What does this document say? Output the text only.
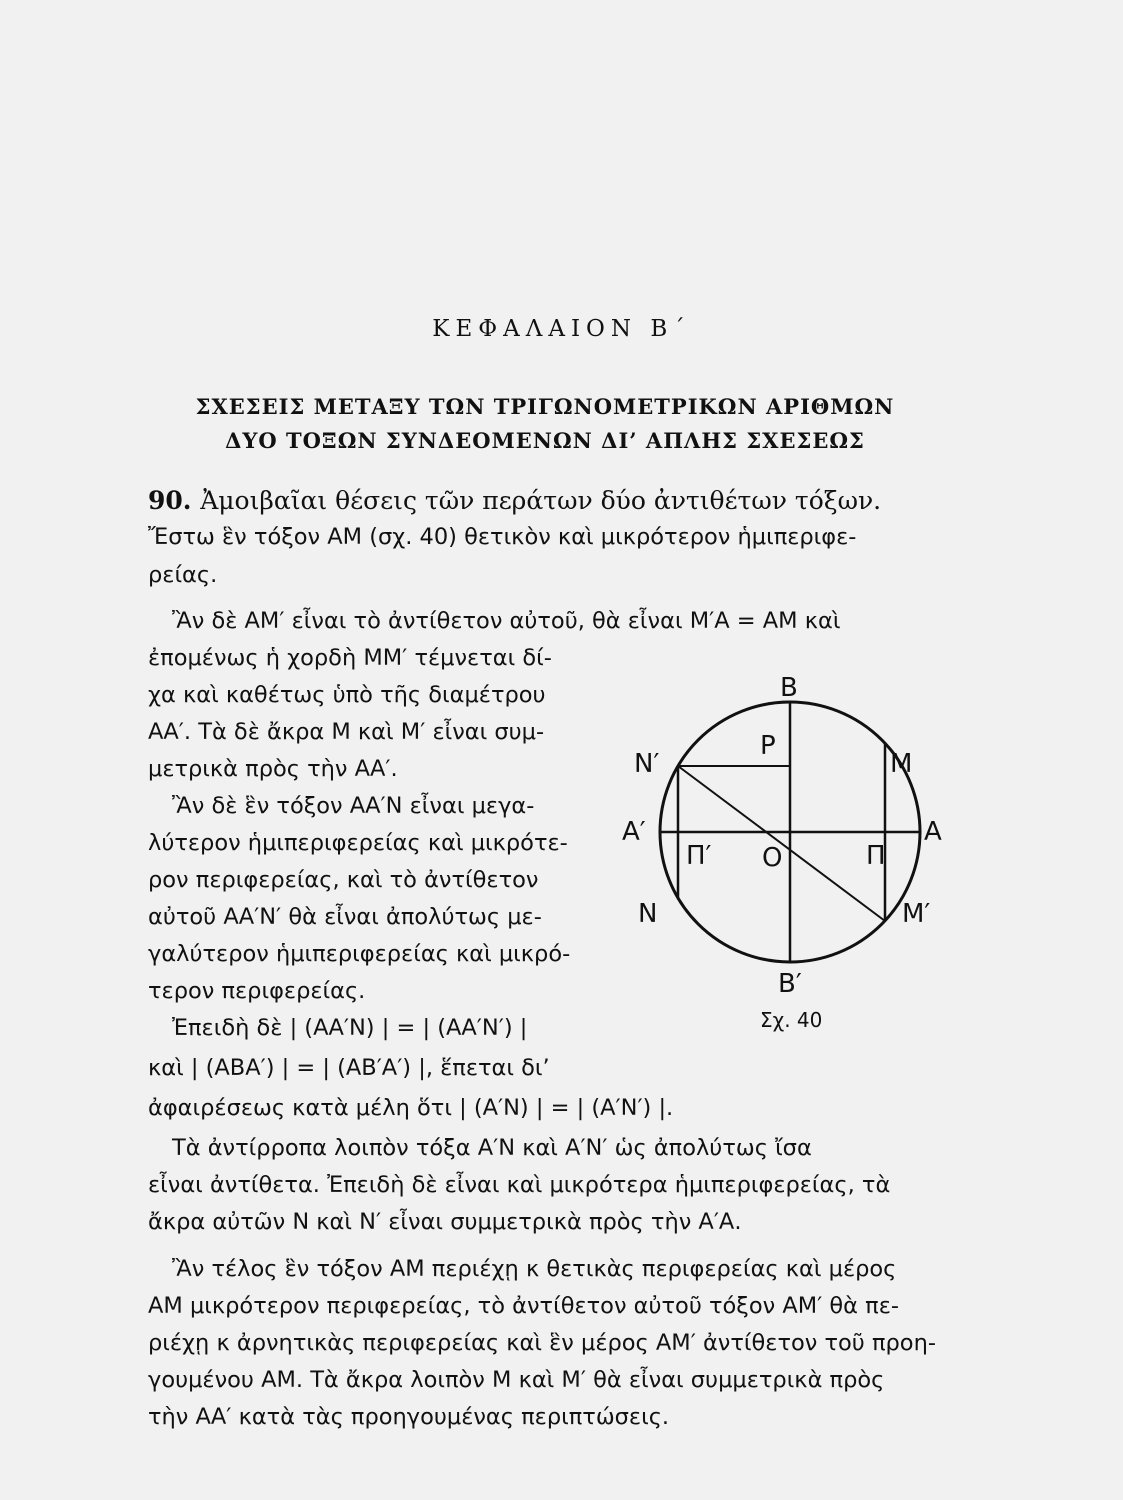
ΚΕΦΑΛΑΙΟΝ Β΄
ΣΧΕΣΕΙΣ ΜΕΤΑΞΥ ΤΩΝ ΤΡΙΓΩΝΟΜΕΤΡΙΚΩΝ ΑΡΙΘΜΩΝ
ΔΥΟ ΤΟΞΩΝ ΣΥΝΔΕΟΜΕΝΩΝ ΔΙ’ ΑΠΛΗΣ ΣΧΕΣΕΩΣ
90. Ἀμοιβαῖαι θέσεις τῶν περάτων δύο ἀντιθέτων τόξων.
Ἔστω ἓν τόξον ΑΜ (σχ. 40) θετικὸν καὶ μικρότερον ἡμιπεριφε-
ρείας.
Ἂν δὲ ΑΜ′ εἶναι τὸ ἀντίθετον αὐτοῦ, θὰ εἶναι Μ′Α = ΑΜ καὶ
ἐπομένως ἡ χορδὴ ΜΜ′ τέμνεται δί-
χα καὶ καθέτως ὑπὸ τῆς διαμέτρου
ΑΑ′. Τὰ δὲ ἄκρα Μ καὶ Μ′ εἶναι συμ-
μετρικὰ πρὸς τὴν ΑΑ′.
Ἂν δὲ ἓν τόξον ΑΑ′Ν εἶναι μεγα-
λύτερον ἡμιπεριφερείας καὶ μικρότε-
ρον περιφερείας, καὶ τὸ ἀντίθετον
αὐτοῦ ΑΑ′Ν′ θὰ εἶναι ἀπολύτως με-
γαλύτερον ἡμιπεριφερείας καὶ μικρό-
τερον περιφερείας.
Ἐπειδὴ δὲ | (ΑΑ′Ν) | = | (ΑΑ′Ν′) |
καὶ | (ΑΒΑ′) | = | (ΑΒ′Α′) |, ἕπεται δι’
ἀφαιρέσεως κατὰ μέλη ὅτι | (Α′Ν) | = | (Α′Ν′) |.
Τὰ ἀντίρροπα λοιπὸν τόξα Α′Ν καὶ Α′Ν′ ὡς ἀπολύτως ἴσα
εἶναι ἀντίθετα. Ἐπειδὴ δὲ εἶναι καὶ μικρότερα ἡμιπεριφερείας, τὰ
ἄκρα αὐτῶν Ν καὶ Ν′ εἶναι συμμετρικὰ πρὸς τὴν Α′Α.
Ἂν τέλος ἓν τόξον ΑΜ περιέχῃ κ θετικὰς περιφερείας καὶ μέρος
ΑΜ μικρότερον περιφερείας, τὸ ἀντίθετον αὐτοῦ τόξον ΑΜ′ θὰ πε-
ριέχῃ κ ἀρνητικὰς περιφερείας καὶ ἓν μέρος ΑΜ′ ἀντίθετον τοῦ προη-
γουμένου ΑΜ. Τὰ ἄκρα λοιπὸν Μ καὶ Μ′ θὰ εἶναι συμμετρικὰ πρὸς
τὴν ΑΑ′ κατὰ τὰς προηγουμένας περιπτώσεις.
Β
Β′
Α
Α′
Μ
Μ′
Ν′
Ν
Ρ
Π
Π′ Ο
Σχ. 40
